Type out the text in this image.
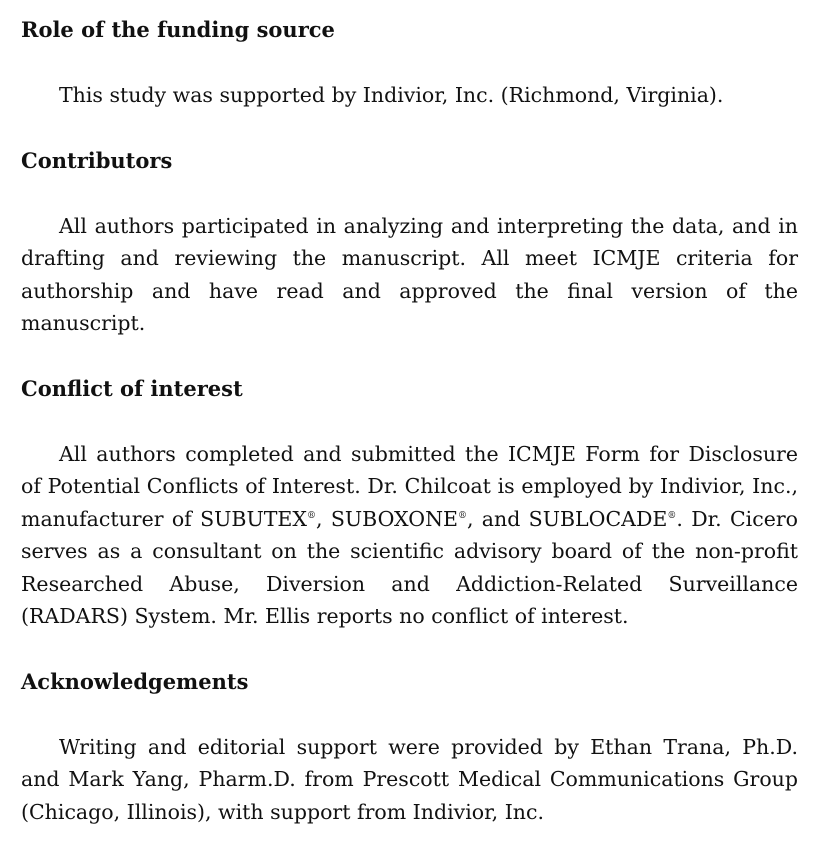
Role of the funding source

This study was supported by Indivior, Inc. (Richmond, Virginia).

Contributors

All authors participated in analyzing and interpreting the data, and in drafting and reviewing the manuscript. All meet ICMJE criteria for authorship and have read and approved the final version of the manuscript.

Conflict of interest

All authors completed and submitted the ICMJE Form for Disclosure of Potential Conflicts of Interest. Dr. Chilcoat is employed by Indivior, Inc., manufacturer of SUBUTEX®, SUBOXONE®, and SUBLOCADE®. Dr. Cicero serves as a consultant on the scientific advisory board of the non-profit Researched Abuse, Diversion and Addiction-Related Surveillance (RADARS) System. Mr. Ellis reports no conflict of interest.

Acknowledgements

Writing and editorial support were provided by Ethan Trana, Ph.D. and Mark Yang, Pharm.D. from Prescott Medical Communications Group (Chicago, Illinois), with support from Indivior, Inc.
